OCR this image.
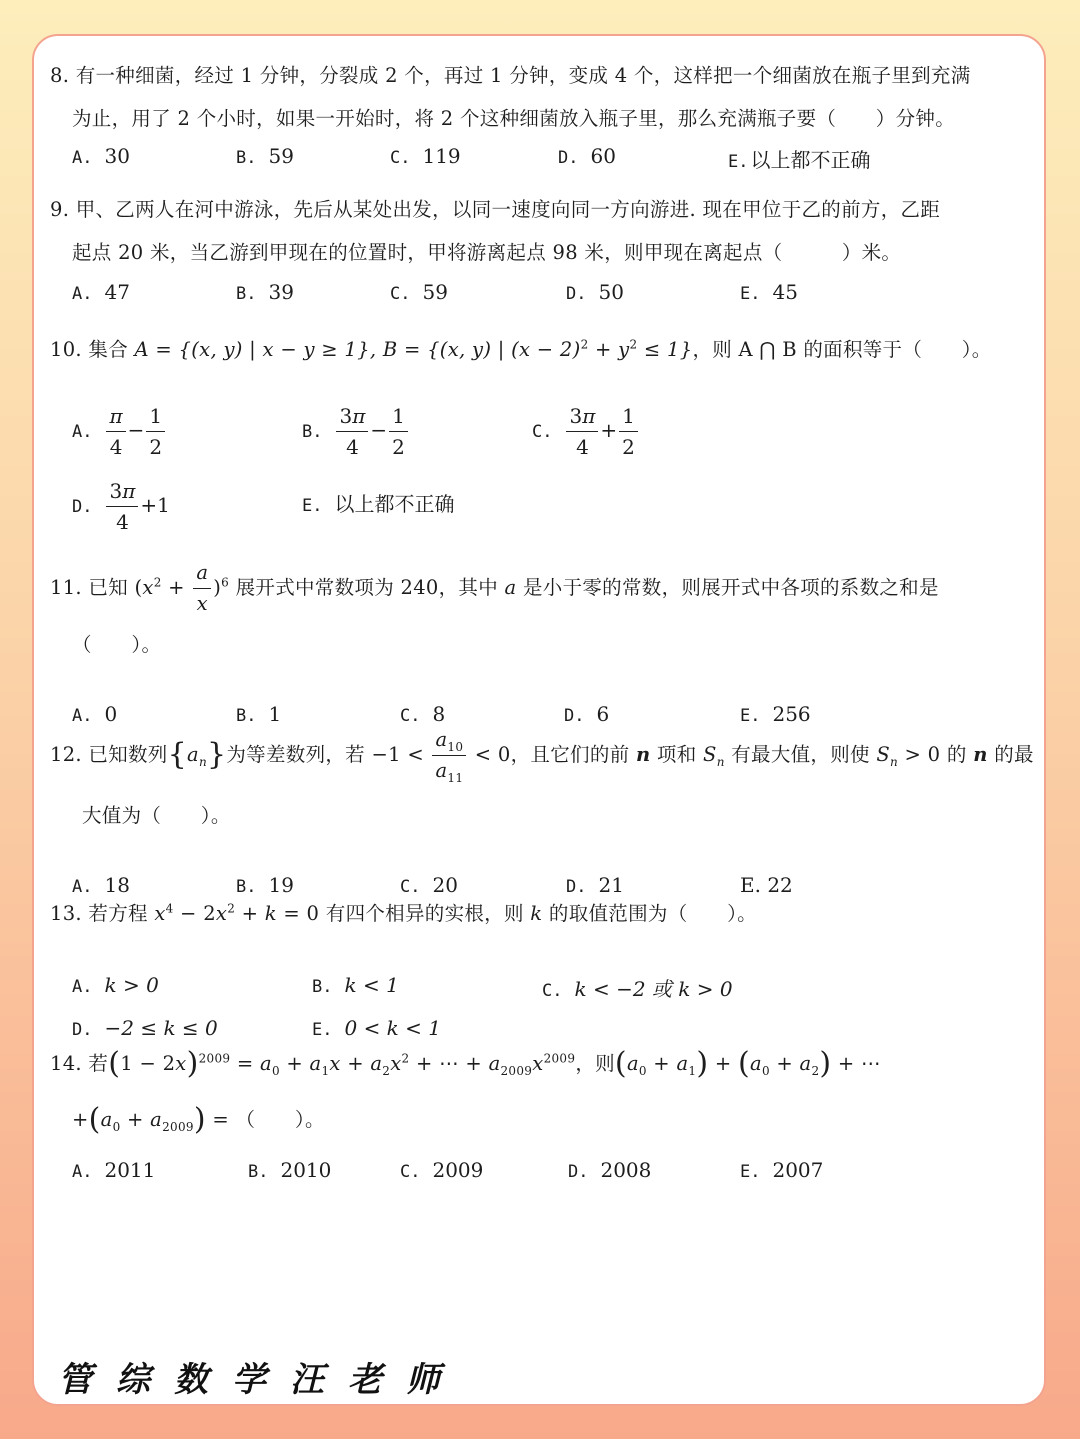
8. 有一种细菌，经过 1 分钟，分裂成 2 个，再过 1 分钟，变成 4 个，这样把一个细菌放在瓶子里到充满
为止，用了 2 个小时，如果一开始时，将 2 个这种细菌放入瓶子里，那么充满瓶子要（　　）分钟。
A. 30	B. 59	C. 119	D. 60	E. 以上都不正确
9. 甲、乙两人在河中游泳，先后从某处出发，以同一速度向同一方向游进. 现在甲位于乙的前方，乙距
起点 20 米，当乙游到甲现在的位置时，甲将游离起点 98 米，则甲现在离起点（　　　）米。
A. 47	B. 39	C. 59	D. 50	E. 45
10. 集合 A = {(x, y) | x − y ≥ 1}, B = {(x, y) | $(x - 2)^2 + y^2 \le 1$}，则 A ⋂ B 的面积等于（　　）。
A. $\frac{\pi}{4} - \frac{1}{2}$	B. $\frac{3\pi}{4} - \frac{1}{2}$	C. $\frac{3\pi}{4} + \frac{1}{2}$
D. $\frac{3\pi}{4} +1$	E. 以上都不正确
11. 已知 $(x^2 + \frac{a}{x} )^6$ 展开式中常数项为 240，其中 a 是小于零的常数，则展开式中各项的系数之和是
（　　）。
A. 0	B. 1	C. 8	D. 6	E. 256
12. 已知数列$\{a_n\}$为等差数列，若 $-1 < \frac{a_{10}}{a_{11}} < 0$，且它们的前 n 项和 $S_n$ 有最大值，则使 $S_n > 0$ 的 n 的最
大值为（　　）。
A. 18	B. 19	C. 20	D. 21	E. 22
13. 若方程 $x^4 - 2x^2 + k = 0$ 有四个相异的实根，则 k 的取值范围为（　　）。
A. k > 0	B. k < 1	C. k < −2 或 k > 0
D. −2 ≤ k ≤ 0	E. 0 < k < 1
14. 若$(1 - 2x)^{2009} = a_0 + a_1x + a_2x^2$ + ⋯ + $a_{2009}x^{2009}$，则$(a_0 + a_1) + (a_0 + a_2)$ + ⋯
$+(a_0 + a_{2009})$ = （　　）。
A. 2011	B. 2010	C. 2009	D. 2008	E. 2007
管综数学汪老师
